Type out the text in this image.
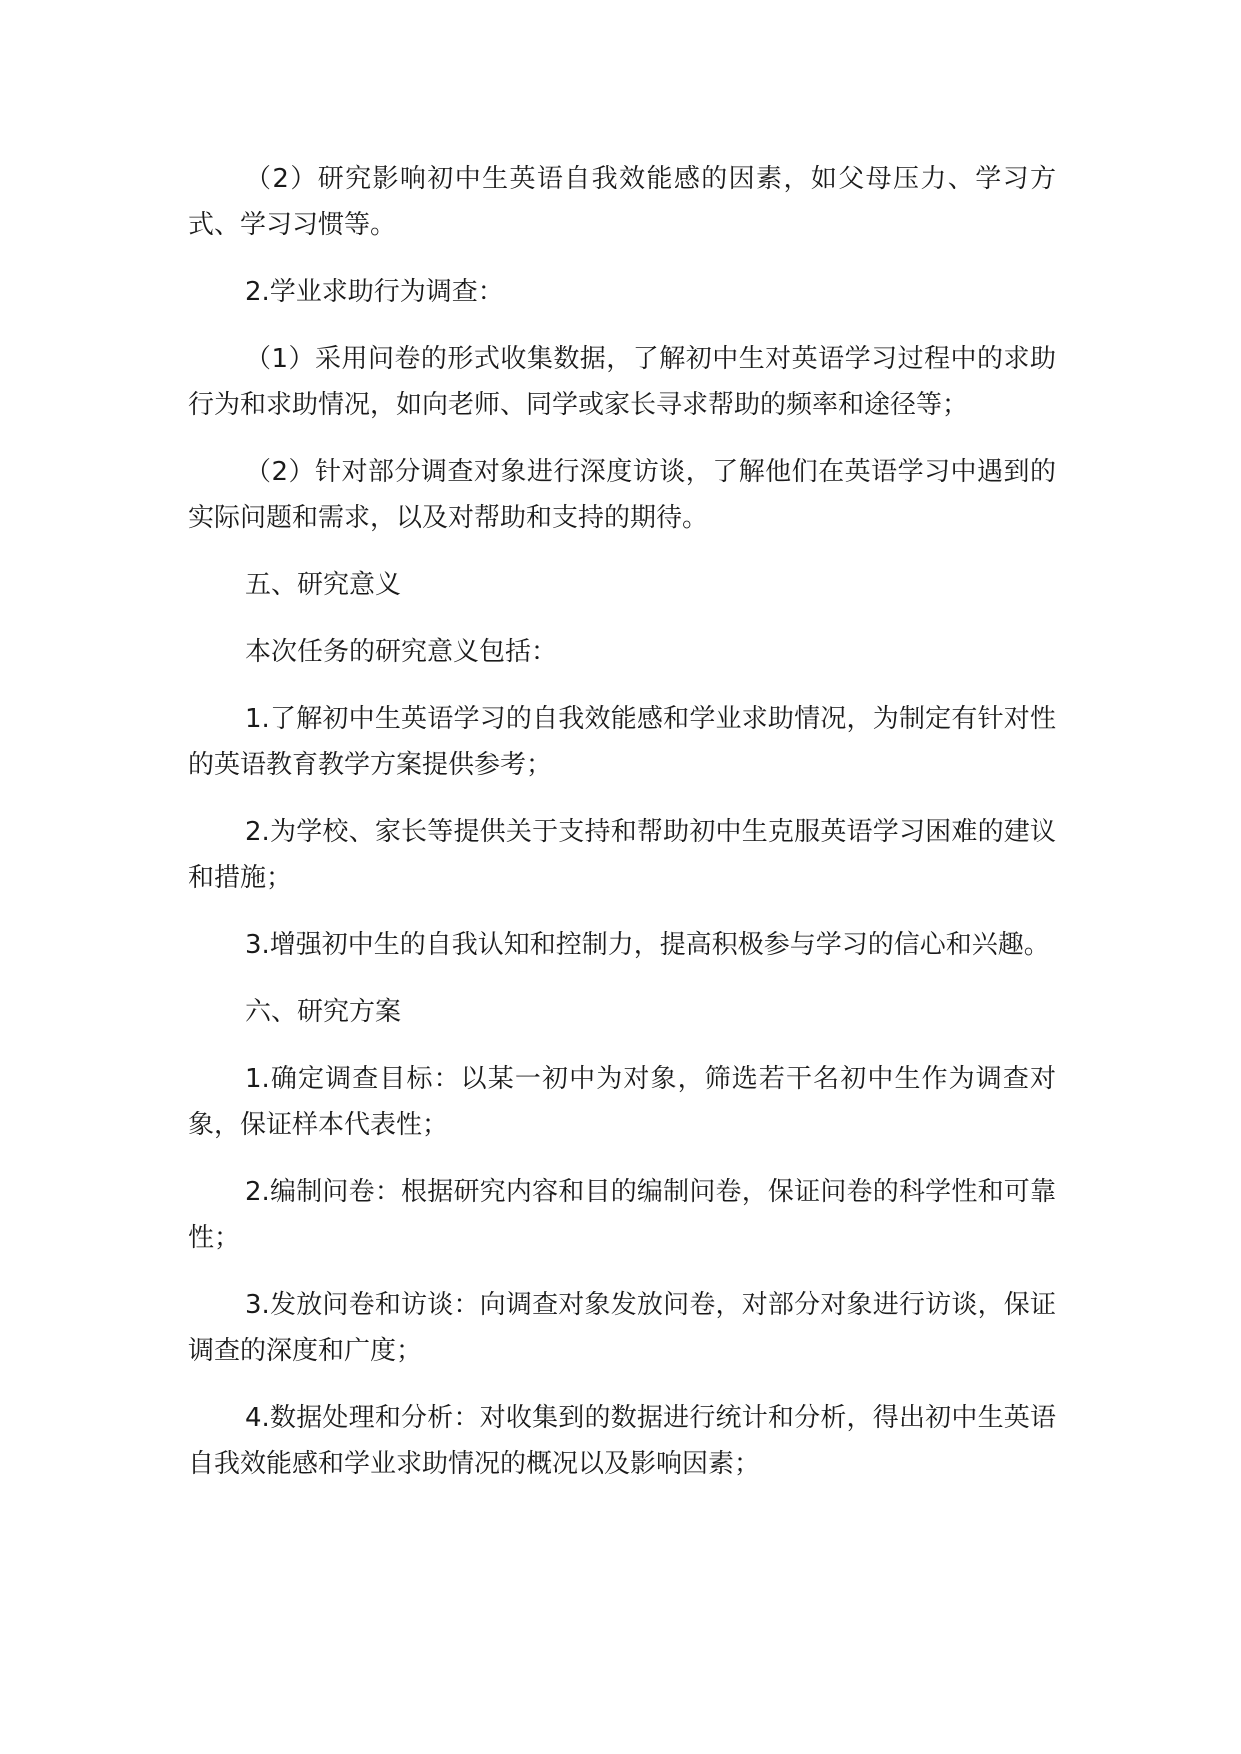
（2）研究影响初中生英语自我效能感的因素，如父母压力、学习方式、学习习惯等。

2.学业求助行为调查：

（1）采用问卷的形式收集数据，了解初中生对英语学习过程中的求助行为和求助情况，如向老师、同学或家长寻求帮助的频率和途径等；

（2）针对部分调查对象进行深度访谈，了解他们在英语学习中遇到的实际问题和需求，以及对帮助和支持的期待。

五、研究意义

本次任务的研究意义包括：

1.了解初中生英语学习的自我效能感和学业求助情况，为制定有针对性的英语教育教学方案提供参考；

2.为学校、家长等提供关于支持和帮助初中生克服英语学习困难的建议和措施；

3.增强初中生的自我认知和控制力，提高积极参与学习的信心和兴趣。

六、研究方案

1.确定调查目标：以某一初中为对象，筛选若干名初中生作为调查对象，保证样本代表性；

2.编制问卷：根据研究内容和目的编制问卷，保证问卷的科学性和可靠性；

3.发放问卷和访谈：向调查对象发放问卷，对部分对象进行访谈，保证调查的深度和广度；

4.数据处理和分析：对收集到的数据进行统计和分析，得出初中生英语自我效能感和学业求助情况的概况以及影响因素；
